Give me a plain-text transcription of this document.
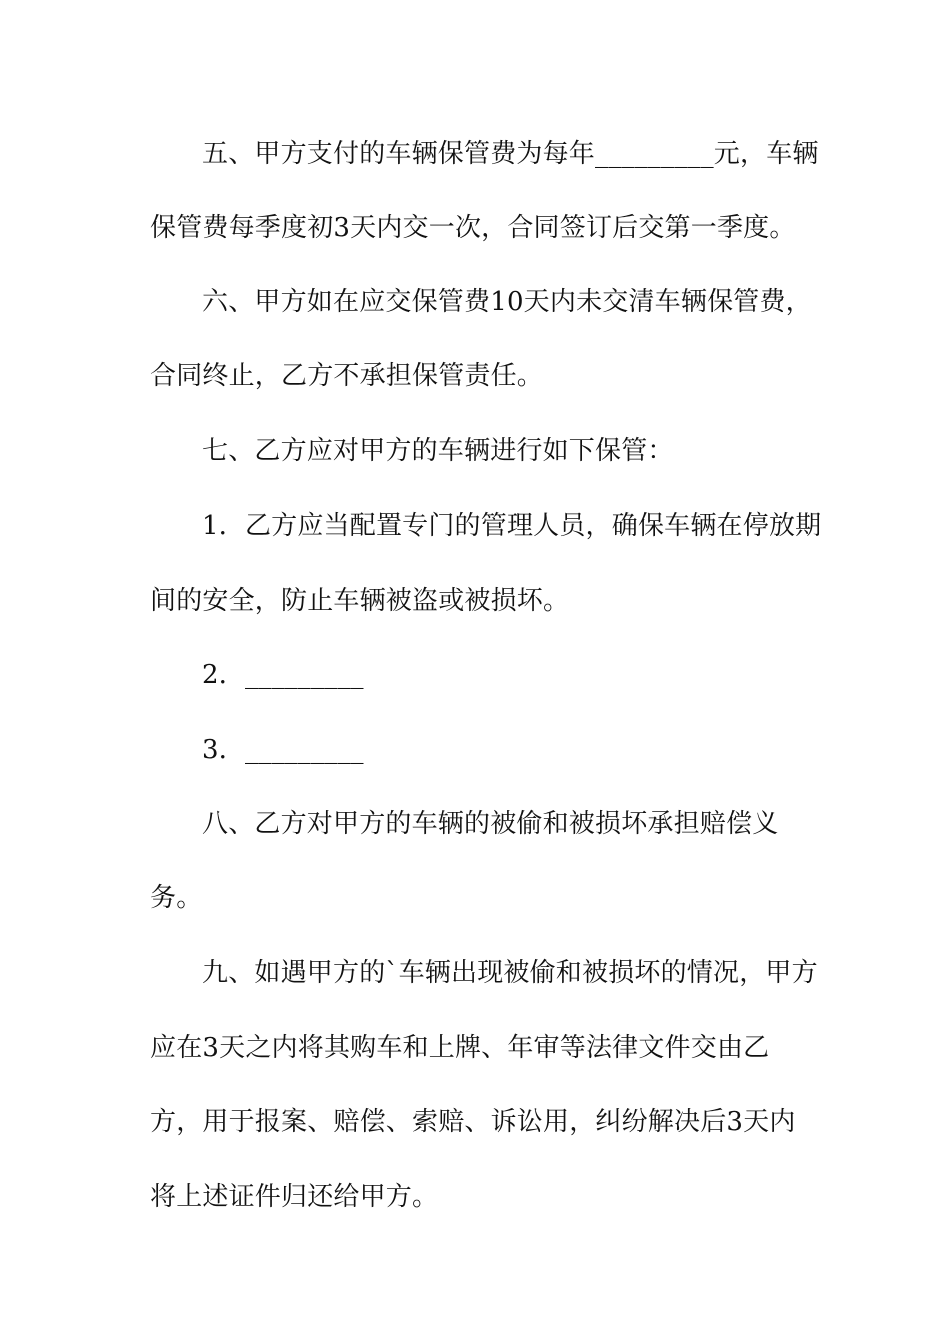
五、甲方支付的车辆保管费为每年_________元，车辆
保管费每季度初3天内交一次，合同签订后交第一季度。
六、甲方如在应交保管费10天内未交清车辆保管费，
合同终止，乙方不承担保管责任。
七、乙方应对甲方的车辆进行如下保管：
1．乙方应当配置专门的管理人员，确保车辆在停放期
间的安全，防止车辆被盗或被损坏。
2．_________
3．_________
八、乙方对甲方的车辆的被偷和被损坏承担赔偿义
务。
九、如遇甲方的`车辆出现被偷和被损坏的情况，甲方
应在3天之内将其购车和上牌、年审等法律文件交由乙
方，用于报案、赔偿、索赔、诉讼用，纠纷解决后3天内
将上述证件归还给甲方。
